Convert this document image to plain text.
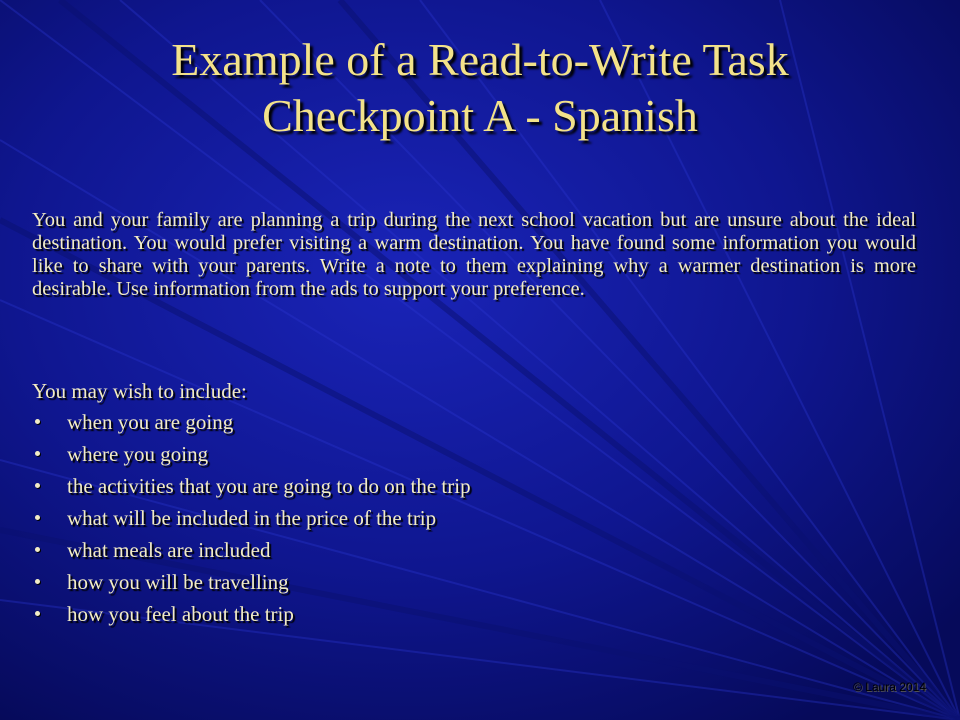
Example of a Read-to-Write Task
Checkpoint A - Spanish

You and your family are planning a trip during the next school vacation but are unsure about the ideal destination. You would prefer visiting a warm destination. You have found some information you would like to share with your parents. Write a note to them explaining why a warmer destination is more desirable. Use information from the ads to support your preference.

You may wish to include:
when you are going
where you going
the activities that you are going to do on the trip
what will be included in the price of the trip
what meals are included
how you will be travelling
how you feel about the trip
© Laura 2014
